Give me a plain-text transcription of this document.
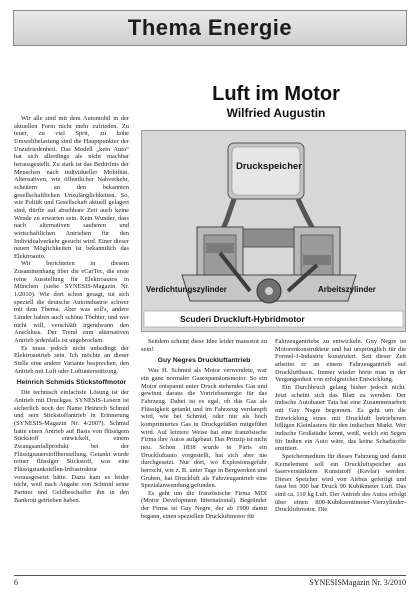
Thema Energie
Luft im Motor
Wilfried Augustin

Wir alle sind mit dem Automobil in der aktuellen Form nicht mehr zufrieden. Zu teuer, zu viel Sprit, zu hohe Umweltbelastung sind die Hauptpunkter der Unzufriedenheit. Das Modell „kein Auto“ hat sich allerdings als nicht machbar herausgestellt. Zu stark ist das Bedürfnis der Menschen nach individueller Mobilität. Alternativen, wie öffentlicher Nahverkehr, scheitern an den bekannten gesellschaftlichen Unzulänglichkeiten. So, wie Politik und Gesellschaft aktuell gelagert sind, dürfte auf absehbare Zeit auch keine Wende zu erwarten sein. Kein Wunder, dass nach alternativen sauberen und wirtschaftlichen Antrieben für den Individualverkehr gesucht wird. Einer dieser neuen Möglichkeiten ist bekanntlich das Elektroauto.

Wir berichteten in diesem Zusammenhang über die eCarTec, die erste reine Ausstellung für Elektroautos in München (siehe SYNESIS-Magazin Nr. 1/2010). Wie dort schon gesagt, tut sich speziell die deutsche Autoindustrie schwer mit dem Thema. Aber was soll's, andere Länder haben auch schöne Töchter, und wer nicht will, verschläft irgendwann den Anschluss. Der Trend zum alternativen Antrieb jedenfalls ist ungebrochen.

Es muss jedoch nicht unbedingt der Elektroantrieb sein. Ich möchte an dieser Stelle eine andere Variante besprechen, den Antrieb mit Luft oder Luftunterstützung.

Heinrich Schmids Stickstoffmotor

Die technisch einfachste Lösung ist der Antrieb mit Druckgas. SYNESIS-Lesern ist sicherlich noch der Name Heinrich Schmid und sein Stickstoffantrieb in Erinnerung (SYNESIS-Magazin Nr. 4/2007). Schmid hatte einen Antrieb auf Basis von flüssigem Stickstoff entwickelt, einem Zwangsanfallprodukt bei der Flüssigsauerstoffherstellung. Getankt wurde reiner flüssiger Stickstoff, was eine Flüssigstankstellen-Infrastruktur vorausgesetzt hätte. Dazu kam es leider nicht, weil nach Angabe von Schmid seine Partner und Geldbeschaffer ihn in den Bankrott getrieben haben.

Druckspeicher
Verdichtungszylinder	Arbeitszylinder
Scuderi Druckluft-Hybridmotor

Seitdem scheint diese Idee leider mausetot zu sein!

Guy Negres Druckluftantrieb

Was H. Schmid als Motor verwendete, war ein ganz normaler Gasexpansionsmotor. So ein Motor entspannt unter Druck stehendes Gas und gewinnt daraus die Vortriebsenergie für das Fahrzeug. Dabei ist es egal, ob das Gas als Flüssigkeit getankt und im Fahrzeug verdampft wird, wie bei Schmid, oder nur als hoch komprimiertes Gas in Druckgefäßen mitgeführt wird. Auf letztere Weise hat eine französische Firma ihre Autos aufgebaut. Das Prinzip ist nicht neu. Schon 1838 wurde in Paris ein Druckluftauto vorgestellt, hat sich aber nie durchgesetzt. Nur dort, wo Explosionsgefahr herrscht, wie z. B. unter Tage in Bergwerken und Gruben, hat Druckluft als Fahrzeugantrieb eine Spezialanwendung gefunden.

Es geht um die französische Firma MDI (Motor Development International). Begründer der Firma ist Guy Negre, der ab 1990 damit begann, einen speziellen Druckluftmotor für

Fahrzeugantriebe zu entwickeln. Guy Negre ist Motorenkonstrukteur und hat ursprünglich für die Formel-1-Industrie konstruiert. Seit dieser Zeit arbeitet er an einem Fahrzeugantrieb auf Druckluftbasis. Immer wieder hörte man in der Vergangenheit von erfolgreicher Entwicklung.

Ein Durchbruch gelang bisher jedoch nicht. Jetzt scheint sich das Blatt zu wenden. Der indische Autobauer Tata hat eine Zusammenarbeit mit Guy Negre begonnen. Es geht um die Entwicklung eines mit Druckluft betriebenen billigen Kleinlasters für den indischen Markt. Wer indische Großstädte kennt, weiß, welch ein Segen für Indien ein Auto wäre, das keine Schadstoffe emittiert.

Speichermedium für dieses Fahrzeug und damit Kernelement soll ein Druckluftspeicher aus faserverstärktem Kunststoff (Kevlar) werden. Dieser Speicher wird von Airbus gefertigt und fasst bei 300 bar Druck 90 Kubikmeter Luft. Das sind ca. 110 kg Luft. Der Antrieb des Autos erfolgt über einen 800-Kubikzentimeter-Vierzylinder-Druckluftmotor. Die

6	SYNESISMagazin Nr. 3/2010
